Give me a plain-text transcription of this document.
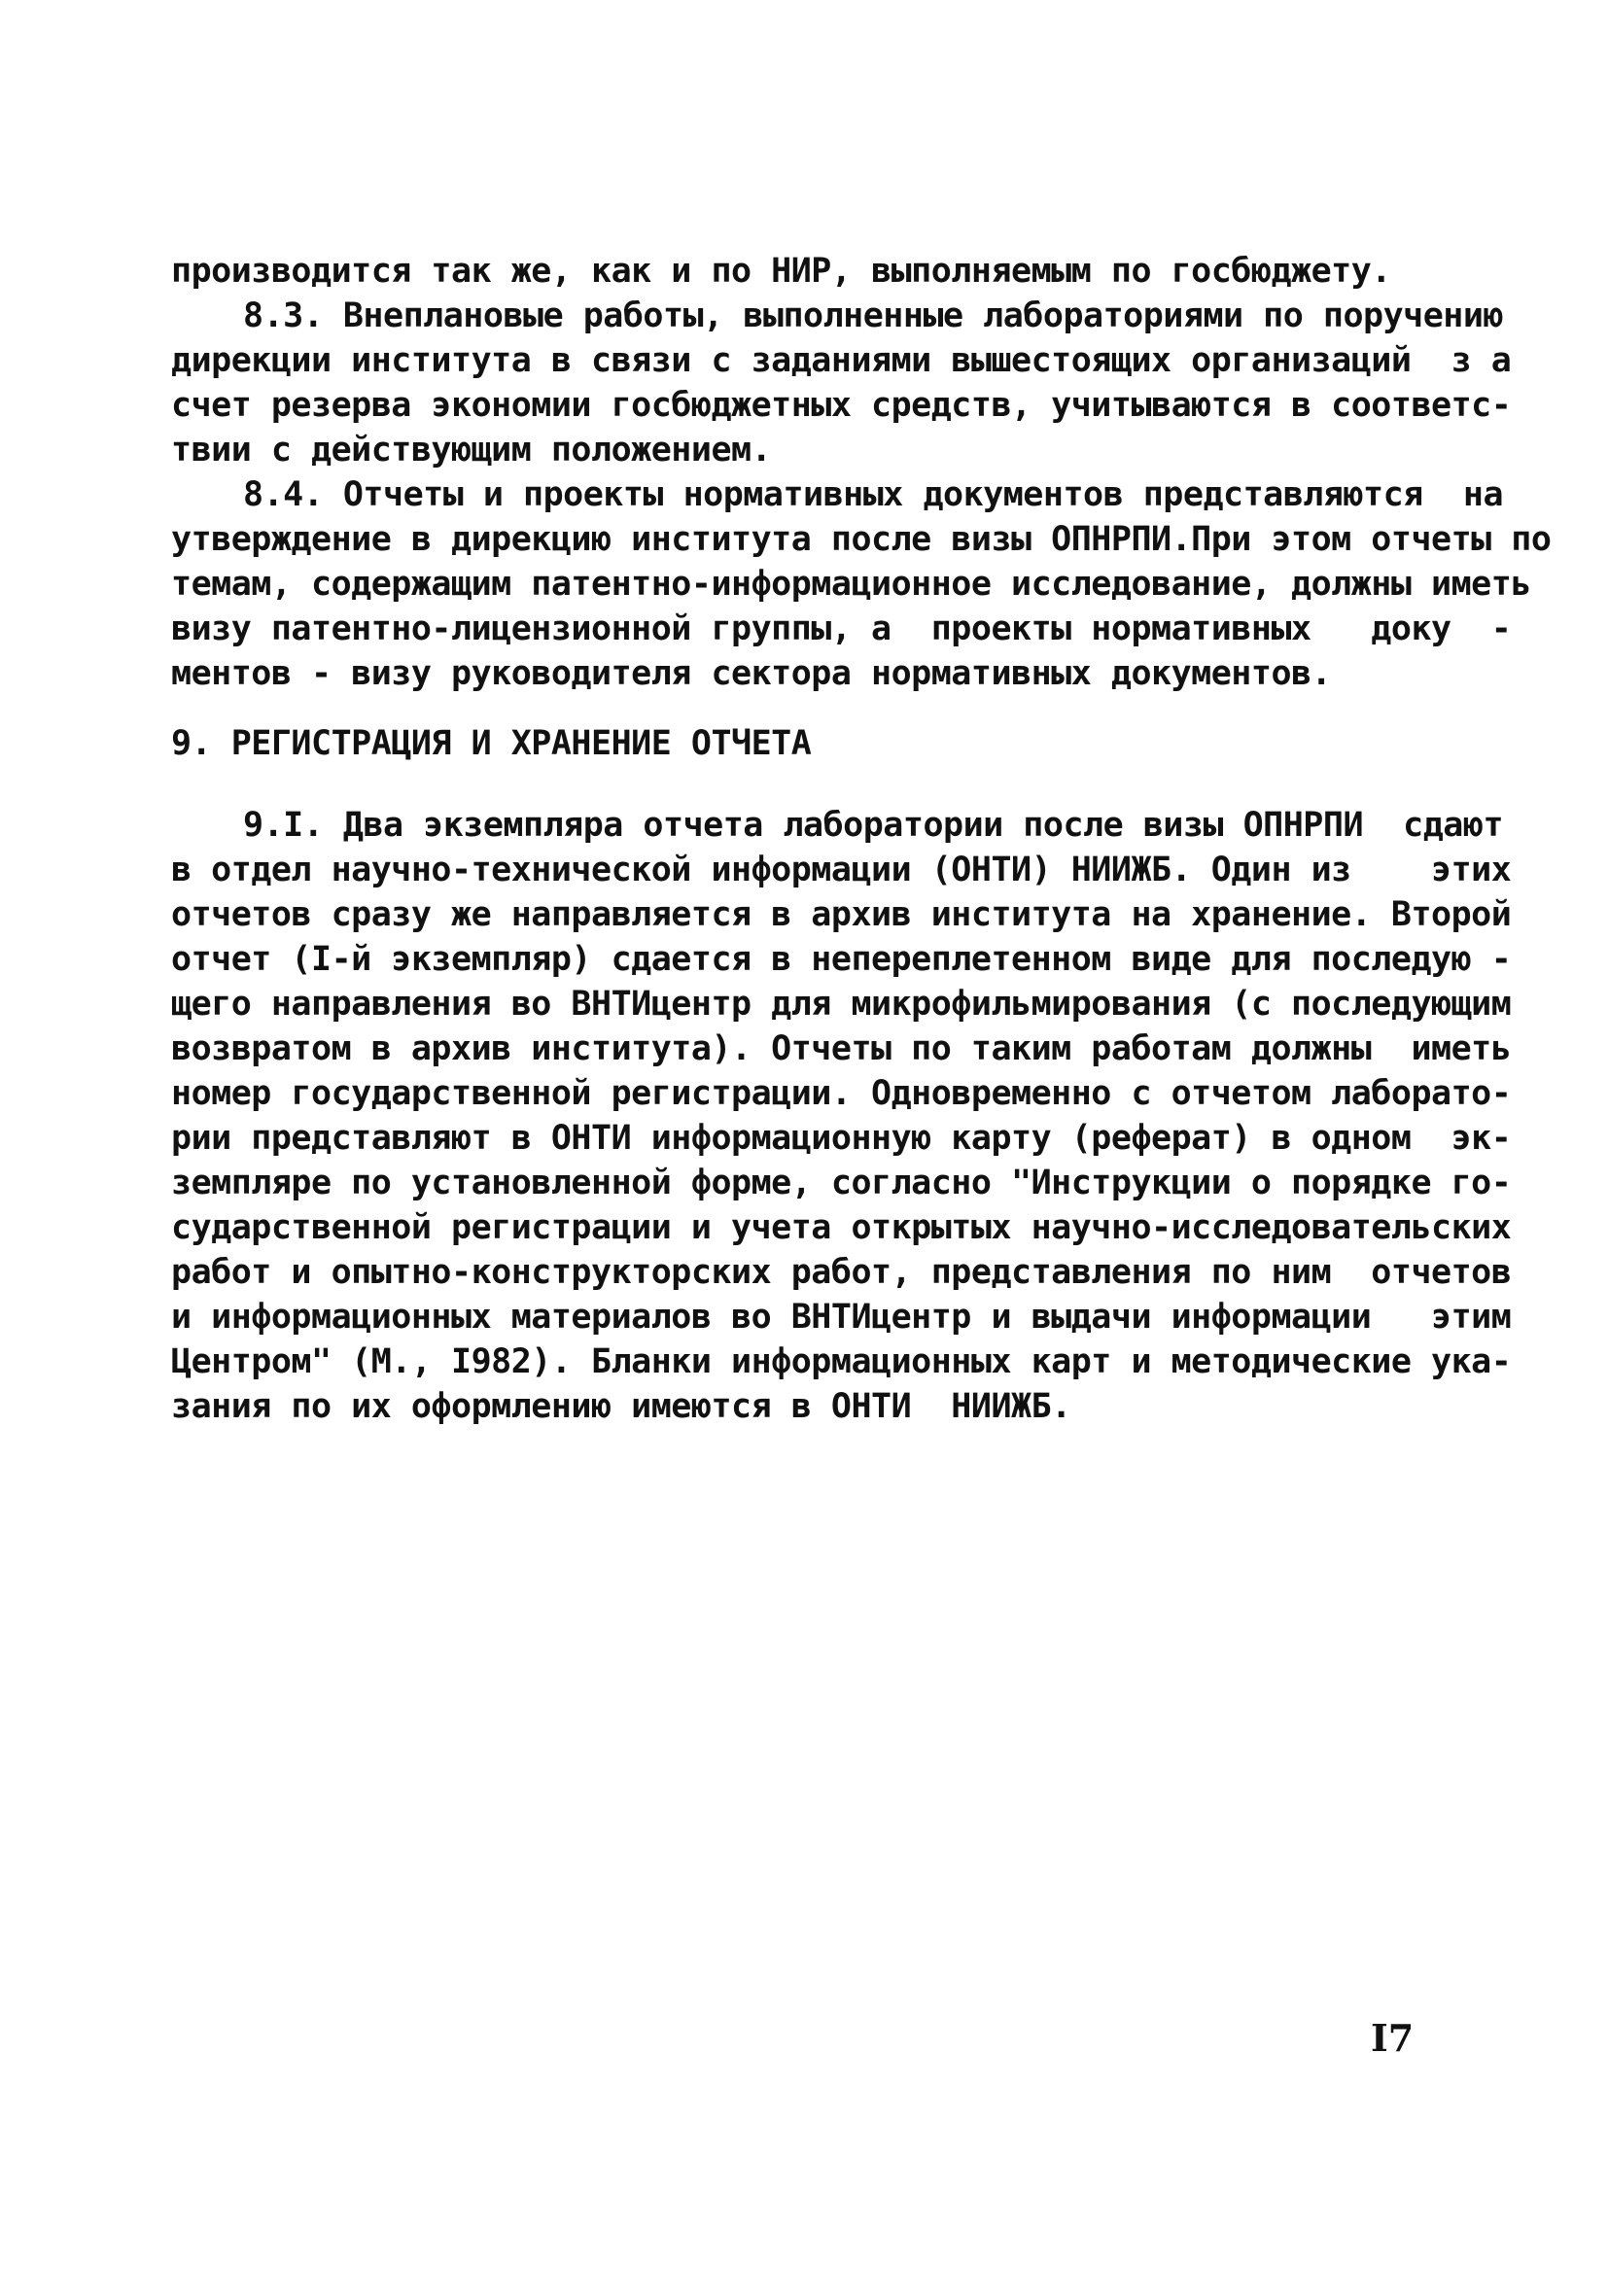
производится так же, как и по НИР, выполняемым по госбюджету.
8.3. Внеплановые работы, выполненные лабораториями по поручению
дирекции института в связи с заданиями вышестоящих организаций  з а
счет резерва экономии госбюджетных средств, учитываются в соответс-
твии с действующим положением.
8.4. Отчеты и проекты нормативных документов представляются  на
утверждение в дирекцию института после визы ОПНРПИ.При этом отчеты по
темам, содержащим патентно-информационное исследование, должны иметь
визу патентно-лицензионной группы, а  проекты нормативных   доку  -
ментов - визу руководителя сектора нормативных документов.
9. РЕГИСТРАЦИЯ И ХРАНЕНИЕ ОТЧЕТА
9.I. Два экземпляра отчета лаборатории после визы ОПНРПИ  сдают
в отдел научно-технической информации (ОНТИ) НИИЖБ. Один из    этих
отчетов сразу же направляется в архив института на хранение. Второй
отчет (I-й экземпляр) сдается в непереплетенном виде для последую -
щего направления во ВНТИцентр для микрофильмирования (с последующим
возвратом в архив института). Отчеты по таким работам должны  иметь
номер государственной регистрации. Одновременно с отчетом лаборато-
рии представляют в ОНТИ информационную карту (реферат) в одном  эк-
земпляре по установленной форме, согласно "Инструкции о порядке го-
сударственной регистрации и учета открытых научно-исследовательских
работ и опытно-конструкторских работ, представления по ним  отчетов
и информационных материалов во ВНТИцентр и выдачи информации   этим
Центром" (М., I982). Бланки информационных карт и методические ука-
зания по их оформлению имеются в ОНТИ  НИИЖБ.
I7
